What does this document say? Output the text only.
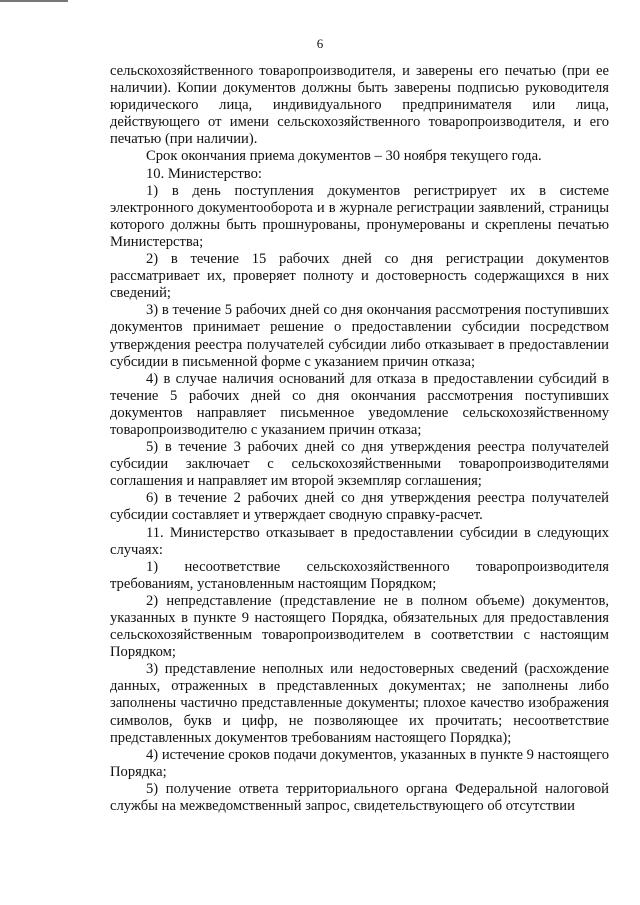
6

сельскохозяйственного товаропроизводителя, и заверены его печатью (при ее наличии). Копии документов должны быть заверены подписью руководителя юридического лица, индивидуального предпринимателя или лица, действующего от имени сельскохозяйственного товаропроизводителя, и его печатью (при наличии).

Срок окончания приема документов – 30 ноября текущего года.

10. Министерство:

1) в день поступления документов регистрирует их в системе электронного документооборота и в журнале регистрации заявлений, страницы которого должны быть прошнурованы, пронумерованы и скреплены печатью Министерства;

2) в течение 15 рабочих дней со дня регистрации документов рассматривает их, проверяет полноту и достоверность содержащихся в них сведений;

3) в течение 5 рабочих дней со дня окончания рассмотрения поступивших документов принимает решение о предоставлении субсидии посредством утверждения реестра получателей субсидии либо отказывает в предоставлении субсидии в письменной форме с указанием причин отказа;

4) в случае наличия оснований для отказа в предоставлении субсидий в течение 5 рабочих дней со дня окончания рассмотрения поступивших документов направляет письменное уведомление сельскохозяйственному товаропроизводителю с указанием причин отказа;

5) в течение 3 рабочих дней со дня утверждения реестра получателей субсидии заключает с сельскохозяйственными товаропроизводителями соглашения и направляет им второй экземпляр соглашения;

6) в течение 2 рабочих дней со дня утверждения реестра получателей субсидии составляет и утверждает сводную справку-расчет.

11. Министерство отказывает в предоставлении субсидии в следующих случаях:

1) несоответствие сельскохозяйственного товаропроизводителя требованиям, установленным настоящим Порядком;

2) непредставление (представление не в полном объеме) документов, указанных в пункте 9 настоящего Порядка, обязательных для предоставления сельскохозяйственным товаропроизводителем в соответствии с настоящим Порядком;

3) представление неполных или недостоверных сведений (расхождение данных, отраженных в представленных документах; не заполнены либо заполнены частично представленные документы; плохое качество изображения символов, букв и цифр, не позволяющее их прочитать; несоответствие представленных документов требованиям настоящего Порядка);

4) истечение сроков подачи документов, указанных в пункте 9 настоящего Порядка;

5) получение ответа территориального органа Федеральной налоговой службы на межведомственный запрос, свидетельствующего об отсутствии
